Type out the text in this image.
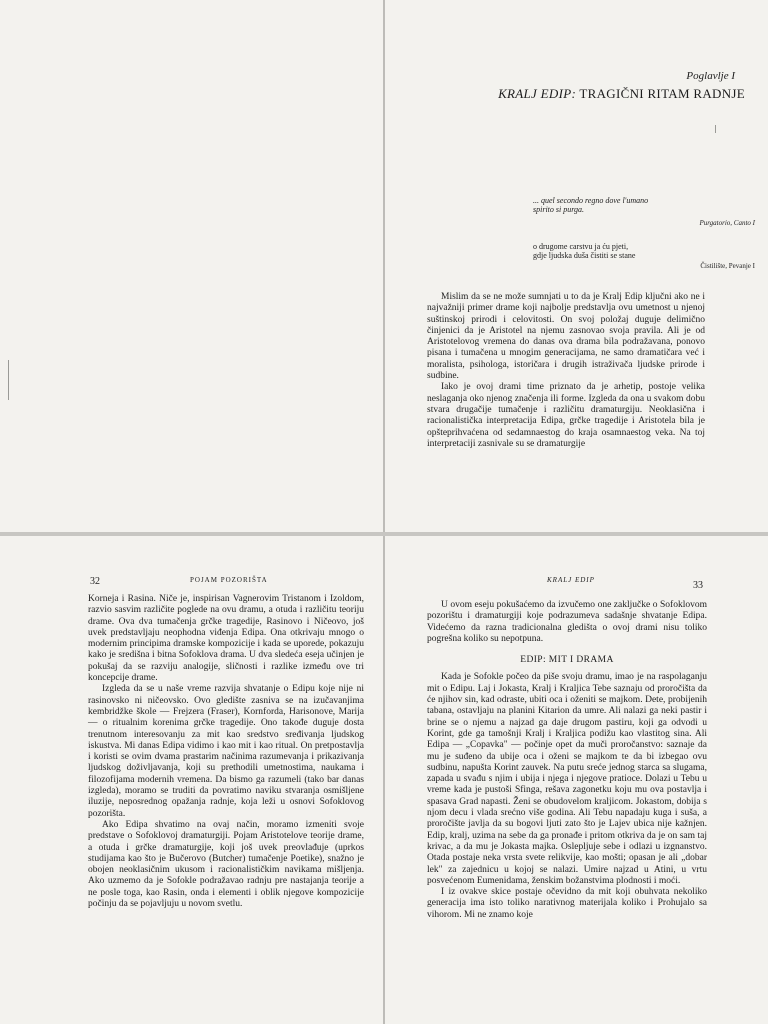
Poglavlje I
KRALJ EDIP: TRAGIČNI RITAM RADNJE
... quel secondo regno dove l'umano
spirito si purga.
Purgatorio, Canto I
o drugome carstvu ja ću pjeti,
gdje ljudska duša čistiti se stane
Čistilište, Pevanje I

Mislim da se ne može sumnjati u to da je Kralj Edip ključni ako ne i najvažniji primer drame koji najbolje predstavlja ovu umetnost u njenoj suštinskoj prirodi i celovitosti. On svoj položaj duguje delimično činjenici da je Aristotel na njemu zasnovao svoja pravila. Ali je od Aristotelovog vremena do danas ova drama bila podražavana, ponovo pisana i tumačena u mnogim generacijama, ne samo dramatičara već i moralista, psihologa, istoričara i drugih istraživača ljudske prirode i sudbine.

Iako je ovoj drami time priznato da je arhetip, postoje velika neslaganja oko njenog značenja ili forme. Izgleda da ona u svakom dobu stvara drugačije tumačenje i različitu dramaturgiju. Neoklasična i racionalistička interpretacija Edipa, grčke tragedije i Aristotela bila je opšteprihvaćena od sedamnaestog do kraja osamnaestog veka. Na toj interpretaciji zasnivale su se dramaturgije

32	POJAM POZORIŠTA

Korneja i Rasina. Niče je, inspirisan Vagnerovim Tristanom i Izoldom, razvio sasvim različite poglede na ovu dramu, a otuda i različitu teoriju drame. Ova dva tumačenja grčke tragedije, Rasinovo i Ničeovo, još uvek predstavljaju neophodna viđenja Edipa. Ona otkrivaju mnogo o modernim principima dramske kompozicije i kada se uporede, pokazuju kako je središna i bitna Sofoklova drama. U dva sledeća eseja učinjen je pokušaj da se razviju analogije, sličnosti i razlike između ove tri koncepcije drame.

Izgleda da se u naše vreme razvija shvatanje o Edipu koje nije ni rasinovsko ni ničeovsko. Ovo gledište zasniva se na izučavanjima kembridžke škole — Frejzera (Fraser), Kornforda, Harisonove, Marija — o ritualnim korenima grčke tragedije. Ono takođe duguje dosta trenutnom interesovanju za mit kao sredstvo sređivanja ljudskog iskustva. Mi danas Edipa vidimo i kao mit i kao ritual. On pretpostavlja i koristi se ovim dvama prastarim načinima razumevanja i prikazivanja ljudskog doživljavanja, koji su prethodili umetnostima, naukama i filozofijama modernih vremena. Da bismo ga razumeli (tako bar danas izgleda), moramo se truditi da povratimo naviku stvaranja osmišljene iluzije, neposrednog opažanja radnje, koja leži u osnovi Sofoklovog pozorišta.

Ako Edipa shvatimo na ovaj način, moramo izmeniti svoje predstave o Sofoklovoj dramaturgiji. Pojam Aristotelove teorije drame, a otuda i grčke dramaturgije, koji još uvek preovlađuje (uprkos studijama kao što je Bučerovo (Butcher) tumačenje Poetike), snažno je obojen neoklasičnim ukusom i racionalističkim navikama mišljenja. Ako uzmemo da je Sofokle podražavao radnju pre nastajanja teorije a ne posle toga, kao Rasin, onda i elementi i oblik njegove kompozicije počinju da se pojavljuju u novom svetlu.

KRALJ EDIP	33

U ovom eseju pokušaćemo da izvučemo one zaključke o Sofoklovom pozorištu i dramaturgiji koje podrazumeva sadašnje shvatanje Edipa. Videćemo da razna tradicionalna gledišta o ovoj drami nisu toliko pogrešna koliko su nepotpuna.

EDIP: MIT I DRAMA

Kada je Sofokle počeo da piše svoju dramu, imao je na raspolaganju mit o Edipu. Laj i Jokasta, Kralj i Kraljica Tebe saznaju od proročišta da će njihov sin, kad odraste, ubiti oca i oženiti se majkom. Dete, probijenih tabana, ostavljaju na planini Kitarion da umre. Ali nalazi ga neki pastir i brine se o njemu a najzad ga daje drugom pastiru, koji ga odvodi u Korint, gde ga tamošnji Kralj i Kraljica podižu kao vlastitog sina. Ali Edipa — „Copavka" — počinje opet da muči proročanstvo: saznaje da mu je suđeno da ubije oca i oženi se majkom te da bi izbegao ovu sudbinu, napušta Korint zauvek. Na putu sreće jednog starca sa slugama, zapada u svađu s njim i ubija i njega i njegove pratioce. Dolazi u Tebu u vreme kada je pustoši Sfinga, rešava zagonetku koju mu ova postavlja i spasava Grad napasti. Ženi se obudovelom kraljicom. Jokastom, dobija s njom decu i vlada srećno više godina. Ali Tebu napadaju kuga i suša, a proročište javlja da su bogovi ljuti zato što je Lajev ubica nije kažnjen. Edip, kralj, uzima na sebe da ga pronađe i pritom otkriva da je on sam taj krivac, a da mu je Jokasta majka. Oslepljuje sebe i odlazi u izgnanstvo. Otada postaje neka vrsta svete relikvije, kao mošti; opasan je ali „dobar lek" za zajednicu u kojoj se nalazi. Umire najzad u Atini, u vrtu posvećenom Eumenidama, ženskim božanstvima plodnosti i moći.

I iz ovakve skice postaje očevidno da mit koji obuhvata nekoliko generacija ima isto toliko narativnog materijala koliko i Prohujalo sa vihorom. Mi ne znamo koje
